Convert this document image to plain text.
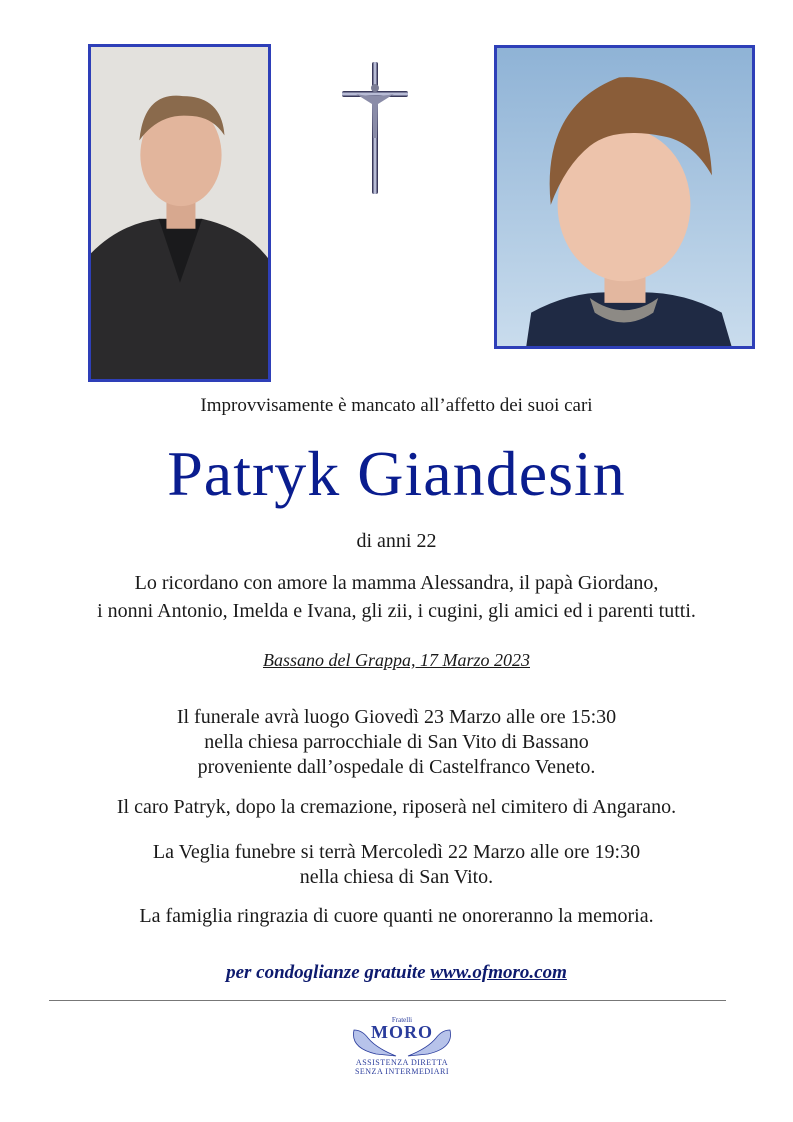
Improvvisamente è mancato all’affetto dei suoi cari
Patryk Giandesin
di anni 22
Lo ricordano con amore la mamma Alessandra, il papà Giordano,
i nonni Antonio, Imelda e Ivana, gli zii, i cugini, gli amici ed i parenti tutti.
Bassano del Grappa, 17 Marzo 2023
Il funerale avrà luogo Giovedì 23 Marzo alle ore 15:30
nella chiesa parrocchiale di San Vito di Bassano
proveniente dall’ospedale di Castelfranco Veneto.
Il caro Patryk, dopo la cremazione, riposerà nel cimitero di Angarano.
La Veglia funebre si terrà Mercoledì 22 Marzo alle ore 19:30
nella chiesa di San Vito.
La famiglia ringrazia di cuore quanti ne onoreranno la memoria.
per condoglianze gratuite www.ofmoro.com
Fratelli
MORO
ASSISTENZA DIRETTA
SENZA INTERMEDIARI
